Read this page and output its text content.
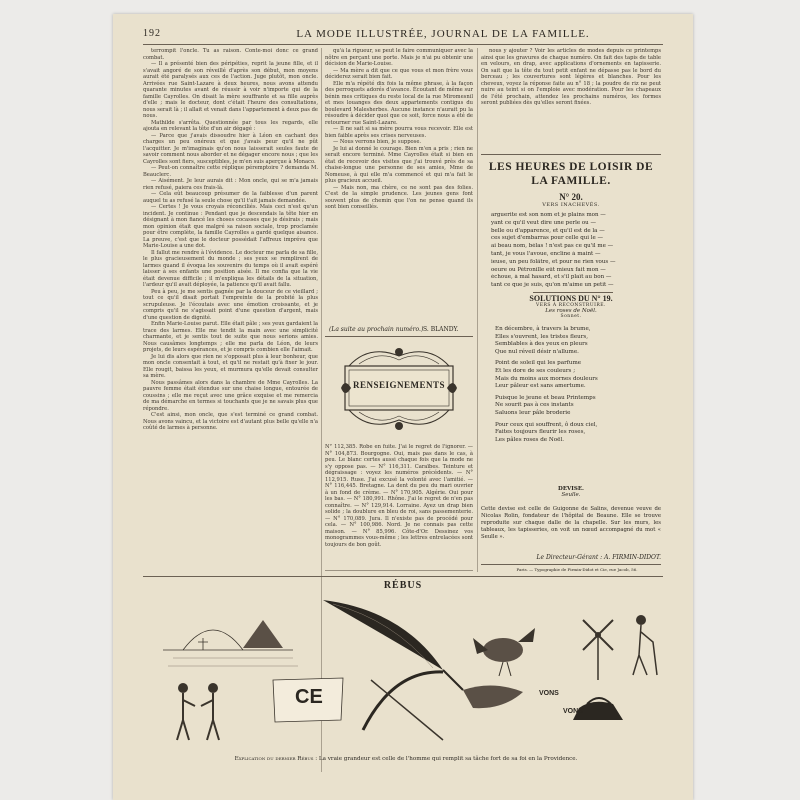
192	LA MODE ILLUSTRÉE, JOURNAL DE LA FAMILLE.

terrompit l'oncle. Tu as raison. Conte-moi donc ce grand combat.

— Il a présenté bien des péripéties, reprit la jeune fille, et il s'avait angoré de son réveillé d'après son début, mon moyens aurait été paralysés aux ces de l'action. Juge plutôt, mon oncle. Arrivées rue Saint-Lazare à deux heures, nous avons attendu quarante minutes avant de réussir à voir n'importe qui de la famille Cayrolles. On disait la mère souffrante et sa fille auprès d'elle ; mais le docteur, dont c'était l'heure des consultations, nous serait là ; il allait et venait dans l'appartement à deux pas de nous.

Mathilde s'arrêta. Questionnée par tous les regards, elle ajouta en relevant la tête d'un air dégagé :

— Parce que j'avais dissoudre hier à Léon en cachant des charges un peu onéreux et que j'avais peur qu'il ne pût l'acquitter. Je m'imaginais qu'on nous laisserait seules faute de savoir comment nous aborder et ne dégager encore nous ; que les Cayrolles sont fiers, susceptibles, je m'en suis aperçue à Monaco.

— Peut-on connaître cette réplique péremptoire ? demanda M. Beauclerc.

— Aisément. Je leur aurais dit : Mon oncle, qui se m'a jamais rien refusé, paiera ces frais-là.

— Cela eût beaucoup présumer de la faiblesse d'un parent auquel tu as refusé la seule chose qu'il t'ait jamais demandée.

— Certes ! Je vous croyais réconciliés. Mais ceci n'est qu'un incident. Je continue : Pendant que je descendais la tête hier en désignant à mon fiancé les choses cocasses que je désirais ; mais mon opinion était que malgré sa raison sociale, trop proclamée pour être complète, la famille Cayrolles a gardé quelque aisance. La preuve, c'est que le docteur possédait l'affreux imprévu que Marie-Louise a une dot.

Il fallut me rendre à l'évidence. Le docteur me parla de sa fille, le plus gracieusement du monde ; ses yeux se remplirent de larmes quand il évoqua les souvenirs du temps où il avait espéré laisser à ses enfants une position aisée. Il me confia que la vie était devenue difficile ; il m'expliqua les détails de la situation, l'ardeur qu'il avait déployée, la patience qu'il avait fallu.

Peu à peu, je me sentis gagnée par la douceur de ce vieillard ; tout ce qu'il disait portait l'empreinte de la probité la plus scrupuleuse. Je l'écoutais avec une émotion croissante, et je compris qu'il ne s'agissait point d'une question d'argent, mais d'une question de dignité.

Enfin Marie-Louise parut. Elle était pâle ; ses yeux gardaient la trace des larmes. Elle me tendit la main avec une simplicité charmante, et je sentis tout de suite que nous serions amies. Nous causâmes longtemps ; elle me parla de Léon, de leurs projets, de leurs espérances, et je compris combien elle l'aimait.

Je lui dis alors que rien ne s'opposait plus à leur bonheur, que mon oncle consentait à tout, et qu'il ne restait qu'à fixer le jour. Elle rougit, baissa les yeux, et murmura qu'elle devait consulter sa mère.

Nous passâmes alors dans la chambre de Mme Cayrolles. La pauvre femme était étendue sur une chaise longue, entourée de coussins ; elle me reçut avec une grâce exquise et me remercia de ma démarche en termes si touchants que je ne savais plus que répondre.

C'est ainsi, mon oncle, que s'est terminé ce grand combat. Nous avons vaincu, et la victoire est d'autant plus belle qu'elle n'a coûté de larmes à personne.

qu'à la rigueur, se peut le faire communiquer avec la nôtre en perçant une porte. Mais je n'ai pu obtenir une décision de Marie-Louise.

— Ma mère a dit que ce que vous et mon frère vous déciderez serait bien fait.

Elle m'a répété dix fois la même phrase, à la façon des perroquets adorés d'avance. Écoutant de même sur bénin mes critiques du reste local de la rue Miromesnil et mes louanges des deux appartements contigus du boulevard Malesherbes. Aucune instance n'aurait pu la résoudre à décider quoi que ce soit, force nous a été de retourner rue Saint-Lazare.

— Il ne sait si sa mère pourra vous recevoir. Elle est bien faible après ses crises nerveuses.

— Nous verrons bien, je suppose.

Je lui ai donné le courage. Bien m'en a pris ; rien ne serait encore terminé. Mme Cayrolles était si bien en état de recevoir des visites que j'ai trouvé près de sa chaise-longue une personne de ses amies, Mme de Nomeuse, à qui elle m'a commencé et qui m'a fait le plus gracieux accueil.

— Mais non, ma chère, ce ne sont pas des folies. C'est de la simple prudence. Les jeunes gens font souvent plus de chemin que l'on ne pense quand ils sont bien conseillés.

(La suite au prochain numéro.) S. BLANDY.
RENSEIGNEMENTS

N° 112,385. Robe en fuite. J'ai le regret de l'ignorer. — N° 104,873. Bourgogne. Oui, mais pas dans le cas, à peu. Le blanc certes aussi chaque fois que la mode ne s'y oppose pas. — N° 116,311. Caraïbes. Teinture et dégraissage : voyez les numéros précédents. — N° 112,915. Ruse. J'ai excusé la volonté avec l'amitié. — N° 116,445. Bretagne. La dent du peu du mari ouvrier à un fond de crème. — N° 170,905. Algérie. Oui pour les bas. — N° 180,991. Rhône. J'ai le regret de n'en pas connaître. — N° 129,914. Lorraine. Ayez un drap bien solide ; la doublure en bleu de roi, sans passementerie. — N° 170,089. Jura. Il n'existe pas de procédé pour cela. — N° 100,986. Nord. Je ne connais pas cette maison. — N° 85,996. Côte-d'Or. Dessinez vos monogrammes vous-même ; les lettres entrelacées sont toujours de bon goût.

nous y ajouter ? Voir les articles de modes depuis ce printemps ainsi que les gravures de chaque numéro. On fait des tapis de table en velours, en drap, avec applications d'ornements en tapisserie. On sait que la tête du tout petit enfant ne dépasse pas le bord du berceau ; les couvertures sont légères et blanches. Pour les cheveux, voyez la réponse faite au n° 18 ; la poudre de riz ne peut nuire au teint si on l'emploie avec modération. Pour les chapeaux de l'été prochain, attendez les prochains numéros, les formes seront publiées dès qu'elles seront fixées.

LES HEURES DE LOISIR DE LA FAMILLE.
N° 20.
VERS INACHEVÉS.
arguerite est son nom et je plains mon —
yant ce qu'il veut dire une perle ou —
belle ou d'apparence, et qu'il est de la —
ces sujet d'embarras pour celle qui le —
ai beau nom, bélas ! n'est pas ce qu'il me —
tant, je vous l'avoue, encline à maint —
ieuse, un peu folâtre, et pour ne rien vous —
oeure ou Pétronille eût mieux fait mon —
échoue, à mal hasard, et s'il plaît au bon —
tant ce que je suis, qu'on m'aime un petit —
SOLUTIONS DU N° 19.
VERS À RECONSTRUIRE.
Les roses de Noël.
Sonnet.
En décembre, à travers la brume,
Elles s'ouvrent, les tristes fleurs,
Semblables à des yeux en pleurs
Que nul réveil désir n'allume.
Point de soleil qui les parfume
Et les dore de ses couleurs ;
Mais du moins aux mornes douleurs
Leur pâleur est sans amertume.
Puisque le jeune et beau Printemps
Ne sourit pas à ces instants
Saluons leur pâle broderie
Pour ceux qui souffrent, ô doux ciel,
Faites toujours fleurir les roses,
Les pâles roses de Noël.
DEVISE.
Seulle.
Cette devise est celle de Guigonne de Salins, devenue veuve de Nicolas Rolin, fondateur de l'hôpital de Beaune. Elle se trouve reproduite sur chaque dalle de la chapelle. Sur les murs, les tableaux, les tapisseries, on voit un nœud accompagné du mot « Seulle ».
Le Directeur-Gérant : A. FIRMIN-DIDOT.
Paris. — Typographie de Firmin-Didot et Cie, rue Jacob, 56.
RÉBUS
CE	VONS
VONS
Explication du dernier Rébus : La vraie grandeur est celle de l'homme qui remplit sa tâche fort de sa foi en la Providence.
